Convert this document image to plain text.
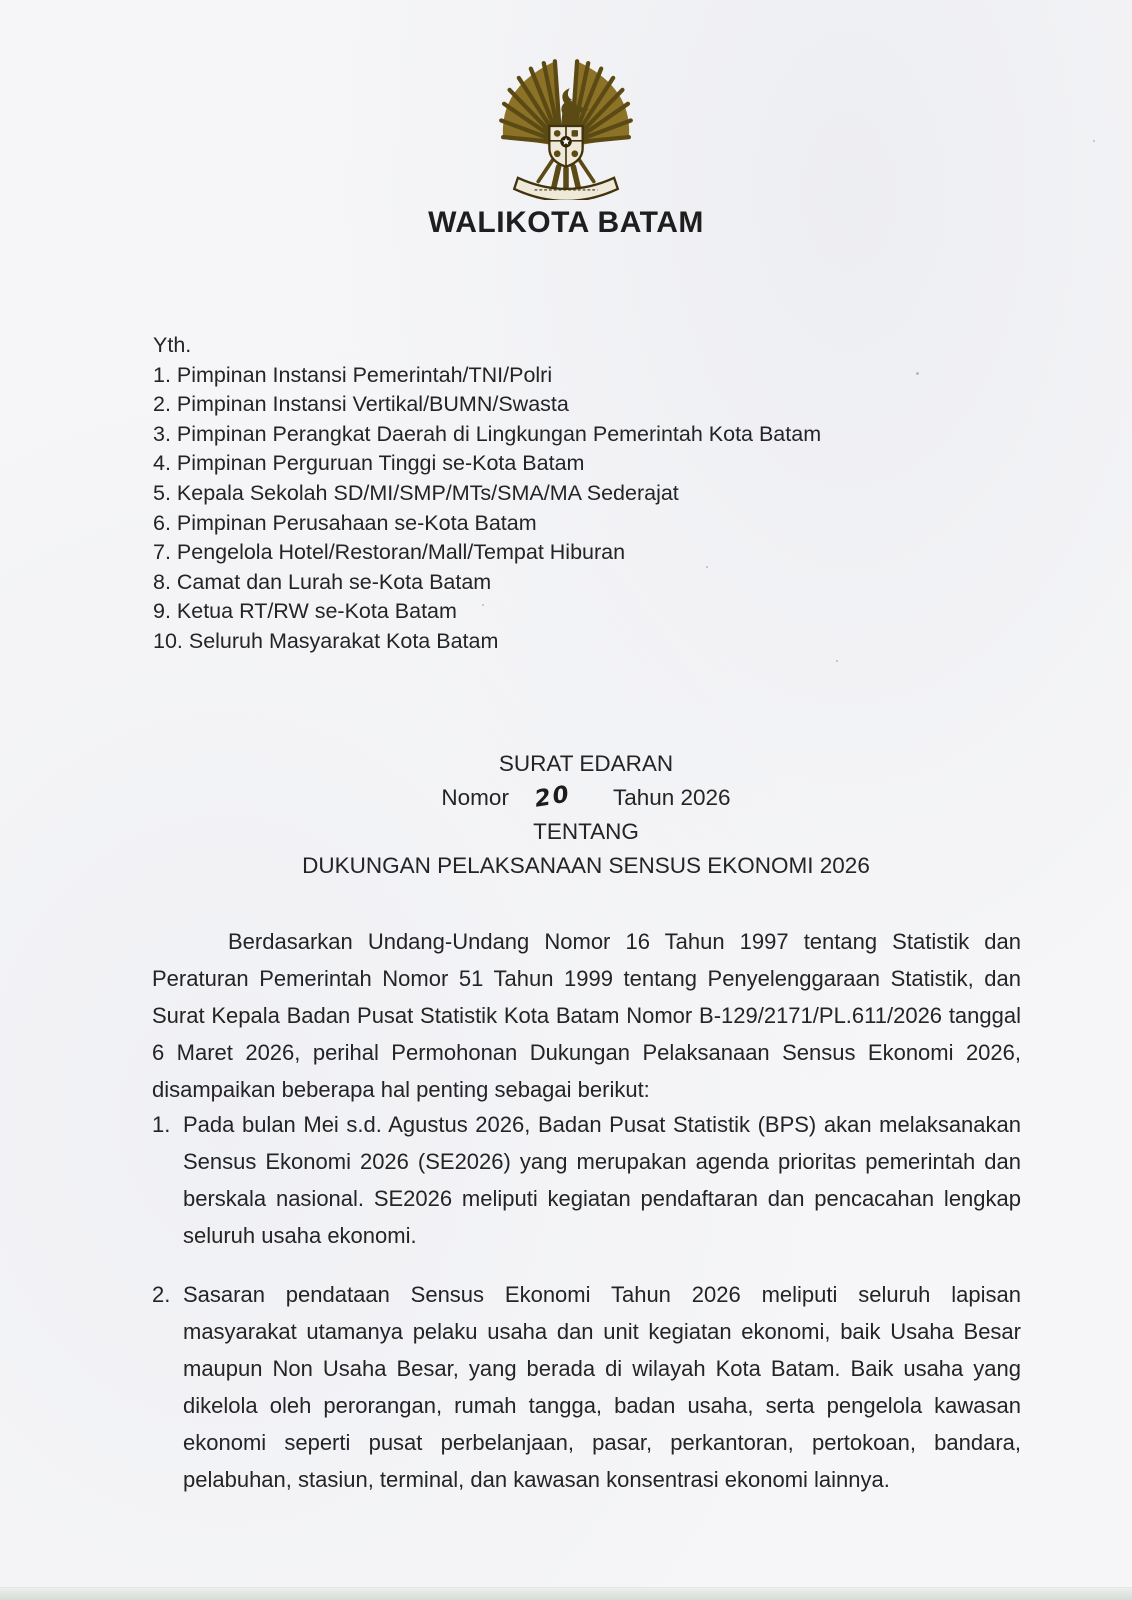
WALIKOTA BATAM
Yth.
1. Pimpinan Instansi Pemerintah/TNI/Polri
2. Pimpinan Instansi Vertikal/BUMN/Swasta
3. Pimpinan Perangkat Daerah di Lingkungan Pemerintah Kota Batam
4. Pimpinan Perguruan Tinggi se-Kota Batam
5. Kepala Sekolah SD/MI/SMP/MTs/SMA/MA Sederajat
6. Pimpinan Perusahaan se-Kota Batam
7. Pengelola Hotel/Restoran/Mall/Tempat Hiburan
8. Camat dan Lurah se-Kota Batam
9. Ketua RT/RW se-Kota Batam
10. Seluruh Masyarakat Kota Batam
SURAT EDARAN
Nomor 20 Tahun 2026
TENTANG
DUKUNGAN PELAKSANAAN SENSUS EKONOMI 2026

Berdasarkan Undang-Undang Nomor 16 Tahun 1997 tentang Statistik dan Peraturan Pemerintah Nomor 51 Tahun 1999 tentang Penyelenggaraan Statistik, dan Surat Kepala Badan Pusat Statistik Kota Batam Nomor B-129/2171/PL.611/2026 tanggal 6 Maret 2026, perihal Permohonan Dukungan Pelaksanaan Sensus Ekonomi 2026, disampaikan beberapa hal penting sebagai berikut:

1. Pada bulan Mei s.d. Agustus 2026, Badan Pusat Statistik (BPS) akan melaksanakan Sensus Ekonomi 2026 (SE2026) yang merupakan agenda prioritas pemerintah dan berskala nasional. SE2026 meliputi kegiatan pendaftaran dan pencacahan lengkap seluruh usaha ekonomi.
2. Sasaran pendataan Sensus Ekonomi Tahun 2026 meliputi seluruh lapisan masyarakat utamanya pelaku usaha dan unit kegiatan ekonomi, baik Usaha Besar maupun Non Usaha Besar, yang berada di wilayah Kota Batam. Baik usaha yang dikelola oleh perorangan, rumah tangga, badan usaha, serta pengelola kawasan ekonomi seperti pusat perbelanjaan, pasar, perkantoran, pertokoan, bandara, pelabuhan, stasiun, terminal, dan kawasan konsentrasi ekonomi lainnya.
